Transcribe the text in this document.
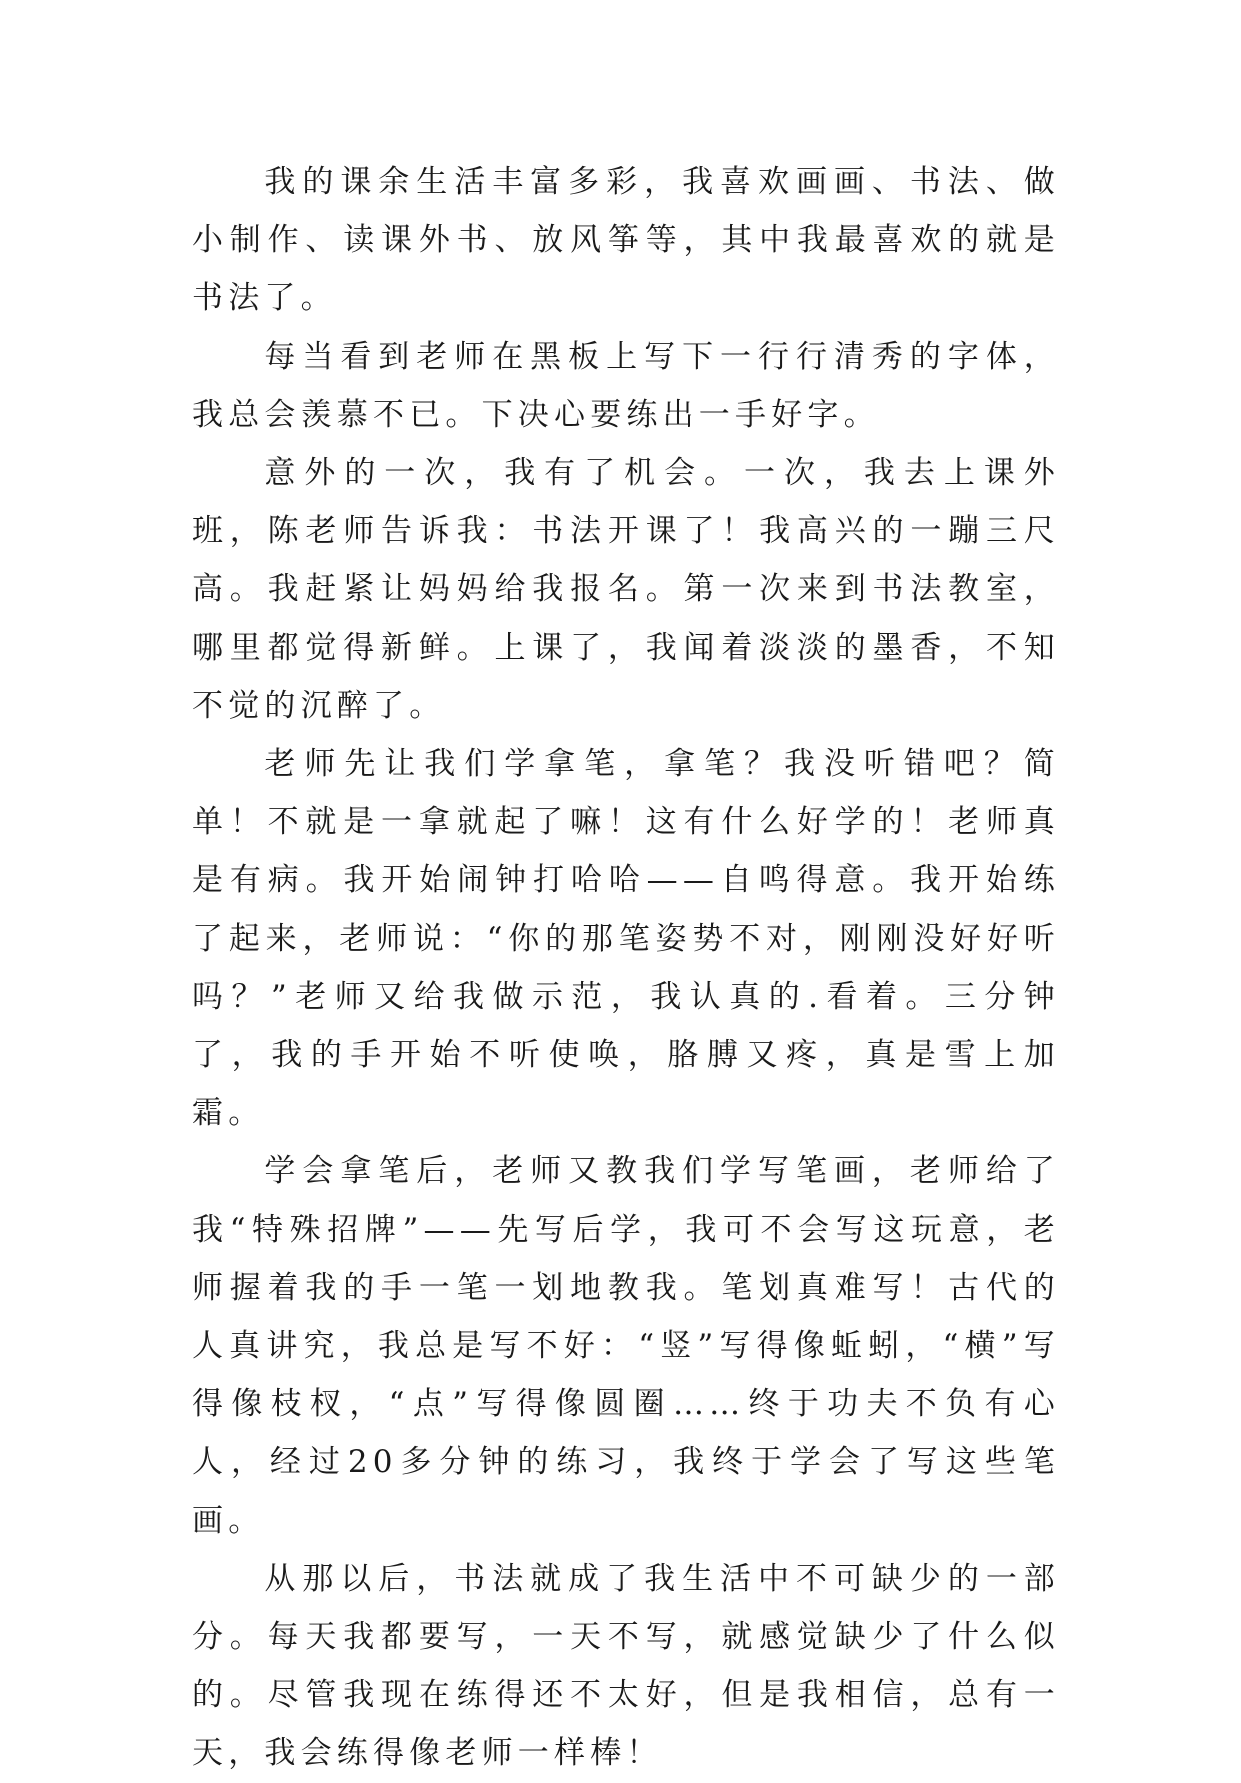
我的课余生活丰富多彩，我喜欢画画、书法、做小制作、读课外书、放风筝等，其中我最喜欢的就是书法了。

每当看到老师在黑板上写下一行行清秀的字体，我总会羡慕不已。下决心要练出一手好字。

意外的一次，我有了机会。一次，我去上课外班，陈老师告诉我：书法开课了！我高兴的一蹦三尺高。我赶紧让妈妈给我报名。第一次来到书法教室，哪里都觉得新鲜。上课了，我闻着淡淡的墨香，不知不觉的沉醉了。

老师先让我们学拿笔，拿笔？我没听错吧？简单！不就是一拿就起了嘛！这有什么好学的！老师真是有病。我开始闹钟打哈哈——自鸣得意。我开始练了起来，老师说：“你的那笔姿势不对，刚刚没好好听吗？”老师又给我做示范，我认真的.看着。三分钟了，我的手开始不听使唤，胳膊又疼，真是雪上加霜。

学会拿笔后，老师又教我们学写笔画，老师给了我“特殊招牌”——先写后学，我可不会写这玩意，老师握着我的手一笔一划地教我。笔划真难写！古代的人真讲究，我总是写不好：“竖”写得像蚯蚓，“横”写得像枝杈，“点”写得像圆圈……终于功夫不负有心人，经过20多分钟的练习，我终于学会了写这些笔画。

从那以后，书法就成了我生活中不可缺少的一部分。每天我都要写，一天不写，就感觉缺少了什么似的。尽管我现在练得还不太好，但是我相信，总有一天，我会练得像老师一样棒！
